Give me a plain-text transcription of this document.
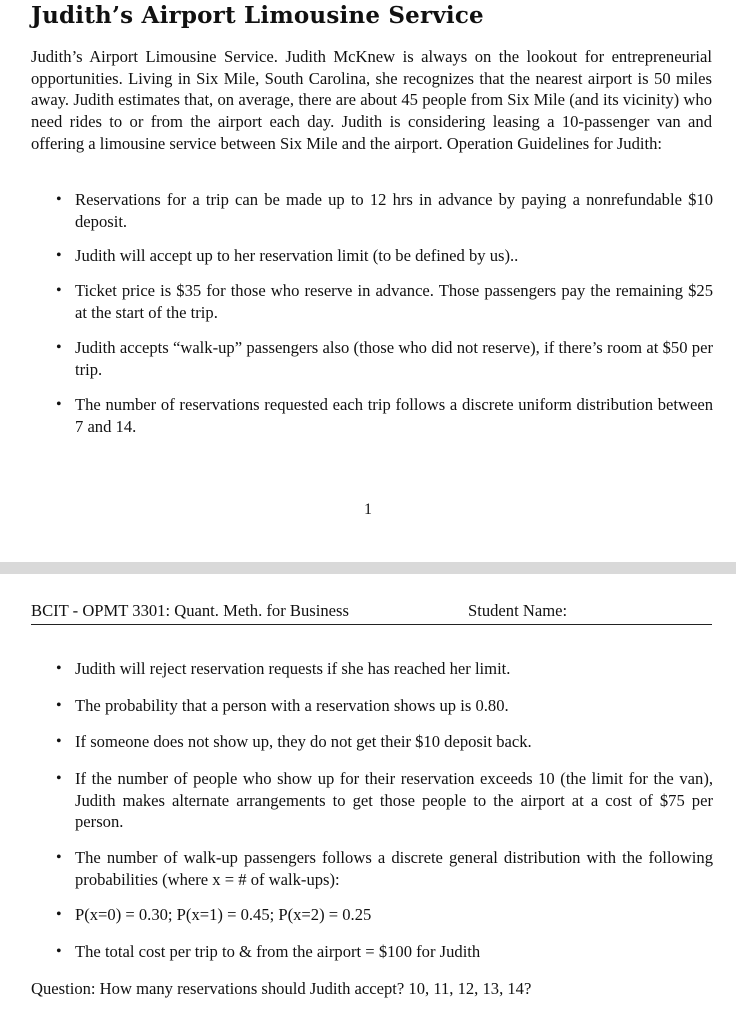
Judith’s Airport Limousine Service

Judith’s Airport Limousine Service. Judith McKnew is always on the lookout for entrepreneurial opportunities. Living in Six Mile, South Carolina, she recognizes that the nearest airport is 50 miles away. Judith estimates that, on average, there are about 45 people from Six Mile (and its vicinity) who need rides to or from the airport each day. Judith is considering leasing a 10-passenger van and offering a limousine service between Six Mile and the airport. Operation Guidelines for Judith:

• Reservations for a trip can be made up to 12 hrs in advance by paying a nonrefundable $10 deposit.
• Judith will accept up to her reservation limit (to be defined by us)..
• Ticket price is $35 for those who reserve in advance. Those passengers pay the remaining $25 at the start of the trip.
• Judith accepts “walk-up” passengers also (those who did not reserve), if there’s room at $50 per trip.
• The number of reservations requested each trip follows a discrete uniform distribution between 7 and 14.
1
BCIT - OPMT 3301: Quant. Meth. for Business	Student Name:
• Judith will reject reservation requests if she has reached her limit.
• The probability that a person with a reservation shows up is 0.80.
• If someone does not show up, they do not get their $10 deposit back.
• If the number of people who show up for their reservation exceeds 10 (the limit for the van), Judith makes alternate arrangements to get those people to the airport at a cost of $75 per person.
• The number of walk-up passengers follows a discrete general distribution with the following probabilities (where x = # of walk-ups):
• P(x=0) = 0.30; P(x=1) = 0.45; P(x=2) = 0.25
• The total cost per trip to & from the airport = $100 for Judith
Question: How many reservations should Judith accept? 10, 11, 12, 13, 14?
